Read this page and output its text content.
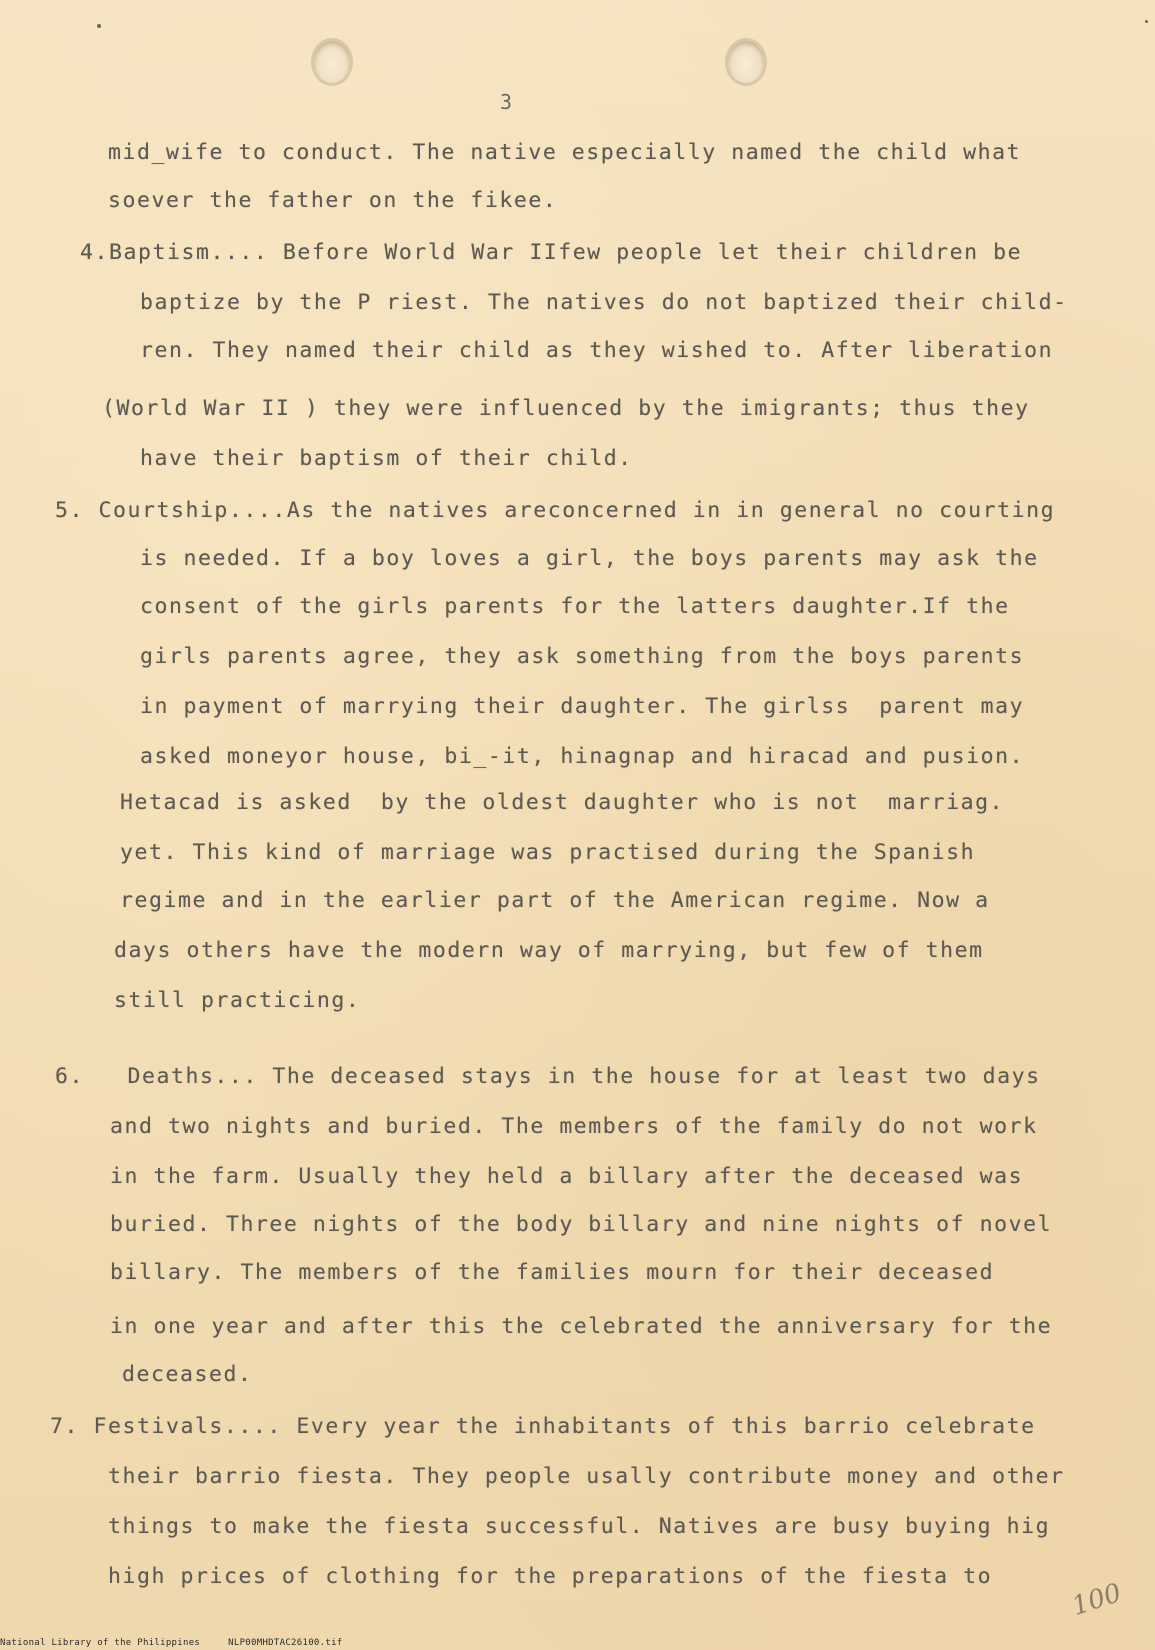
3
mid_wife to conduct. The native especially named the child what
soever the father on the fikee.
4.Baptism.... Before World War IIfew people let their children be
baptize by the P riest. The natives do not baptized their child-
ren. They named their child as they wished to. After liberation
(World War II ) they were influenced by the imigrants; thus they
have their baptism of their child.
5. Courtship....As the natives areconcerned in in general no courting
is needed. If a boy loves a girl, the boys parents may ask the
consent of the girls parents for the latters daughter.If the
girls parents agree, they ask something from the boys parents
in payment of marrying their daughter. The girlss  parent may
asked moneyor house, bi_-it, hinagnap and hiracad and pusion.
Hetacad is asked  by the oldest daughter who is not  marriag.
yet. This kind of marriage was practised during the Spanish
regime and in the earlier part of the American regime. Now a
days others have the modern way of marrying, but few of them
still practicing.
6.   Deaths... The deceased stays in the house for at least two days
and two nights and buried. The members of the family do not work
in the farm. Usually they held a billary after the deceased was
buried. Three nights of the body billary and nine nights of novel
billary. The members of the families mourn for their deceased
in one year and after this the celebrated the anniversary for the
deceased.
7. Festivals.... Every year the inhabitants of this barrio celebrate
their barrio fiesta. They people usally contribute money and other
things to make the fiesta successful. Natives are busy buying hig
high prices of clothing for the preparations of the fiesta to
100
National Library of the Philippines	NLP00MHDTAC26100.tif
